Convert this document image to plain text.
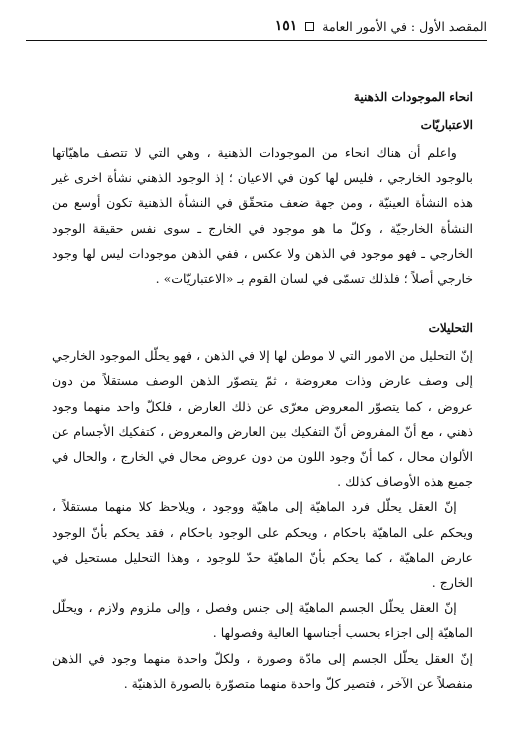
المقصد الأول : في الأمور العامة
١٥١
انحاء الموجودات الذهنية
الاعتباريّات

واعلم أن هناك انحاء من الموجودات الذهنية ، وهي التي لا تتصف ماهيّاتها بالوجود الخارجي ، فليس لها كون في الاعيان ؛ إذ الوجود الذهني نشأة اخرى غير هذه النشأة العينيّة ، ومن جهة ضعف متحقّق في النشأة الذهنية تكون أوسع من النشأة الخارجيّة ، وكلّ ما هو موجود في الخارج ـ سوى نفس حقيقة الوجود الخارجي ـ فهو موجود في الذهن ولا عكس ، ففي الذهن موجودات ليس لها وجود خارجي أصلاً ؛ فلذلك تسمّى في لسان القوم بـ «الاعتباريّات» .

التحليلات

إنّ التحليل من الامور التي لا موطن لها إلا في الذهن ، فهو يحلّل الموجود الخارجي إلى وصف عارض وذات معروضة ، ثمّ يتصوّر الذهن الوصف مستقلاً من دون عروض ، كما يتصوّر المعروض معرّى عن ذلك العارض ، فلكلّ واحد منهما وجود ذهني ، مع أنّ المفروض أنّ التفكيك بين العارض والمعروض ، كتفكيك الأجسام عن الألوان محال ، كما أنّ وجود اللون من دون عروض محال في الخارج ، والحال في جميع هذه الأوصاف كذلك .

إنّ العقل يحلّل فرد الماهيّة إلى ماهيّة ووجود ، ويلاحظ كلا منهما مستقلاً ، ويحكم على الماهيّة باحكام ، ويحكم على الوجود باحكام ، فقد يحكم بأنّ الوجود عارض الماهيّة ، كما يحكم بأنّ الماهيّة حدّ للوجود ، وهذا التحليل مستحيل في الخارج .

إنّ العقل يحلّل الجسم الماهيّة إلى جنس وفصل ، وإلى ملزوم ولازم ، ويحلّل الماهيّة إلى اجزاء بحسب أجناسها العالية وفصولها .

إنّ العقل يحلّل الجسم إلى مادّة وصورة ، ولكلّ واحدة منهما وجود في الذهن منفصلاً عن الآخر ، فتصير كلّ واحدة منهما متصوّرة بالصورة الذهنيّة .
